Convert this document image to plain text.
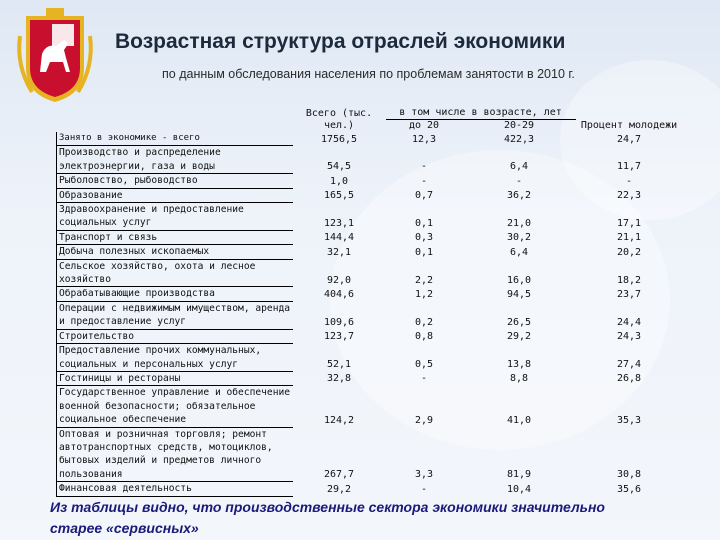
Возрастная структура отраслей экономики
по данным обследования населения по проблемам занятости в 2010 г.
	Всего (тыс. чел.)	в том числе в возрасте, лет		Процент молодежи
		до 20	20-29	
Занято в экономике - всего	1756,5	12,3	422,3	24,7
Производство и распределение электроэнергии, газа и воды	54,5	-	6,4	11,7
Рыболовство, рыбоводство	1,0	-	-	-
Образование	165,5	0,7	36,2	22,3
Здравоохранение и предоставление социальных услуг	123,1	0,1	21,0	17,1
Транспорт и связь	144,4	0,3	30,2	21,1
Добыча полезных ископаемых	32,1	0,1	6,4	20,2
Сельское хозяйство, охота и лесное хозяйство	92,0	2,2	16,0	18,2
Обрабатывающие производства	404,6	1,2	94,5	23,7
Операции с недвижимым имуществом, аренда и предоставление услуг	109,6	0,2	26,5	24,4
Строительство	123,7	0,8	29,2	24,3
Предоставление прочих коммунальных, социальных и персональных услуг	52,1	0,5	13,8	27,4
Гостиницы и рестораны	32,8	-	8,8	26,8
Государственное управление и обеспечение военной безопасности; обязательное социальное обеспечение	124,2	2,9	41,0	35,3
Оптовая и розничная торговля; ремонт автотранспортных средств, мотоциклов, бытовых изделий и предметов личного пользования	267,7	3,3	81,9	30,8
Финансовая деятельность	29,2	-	10,4	35,6
Из таблицы видно, что производственные сектора экономики значительно старее «сервисных»
